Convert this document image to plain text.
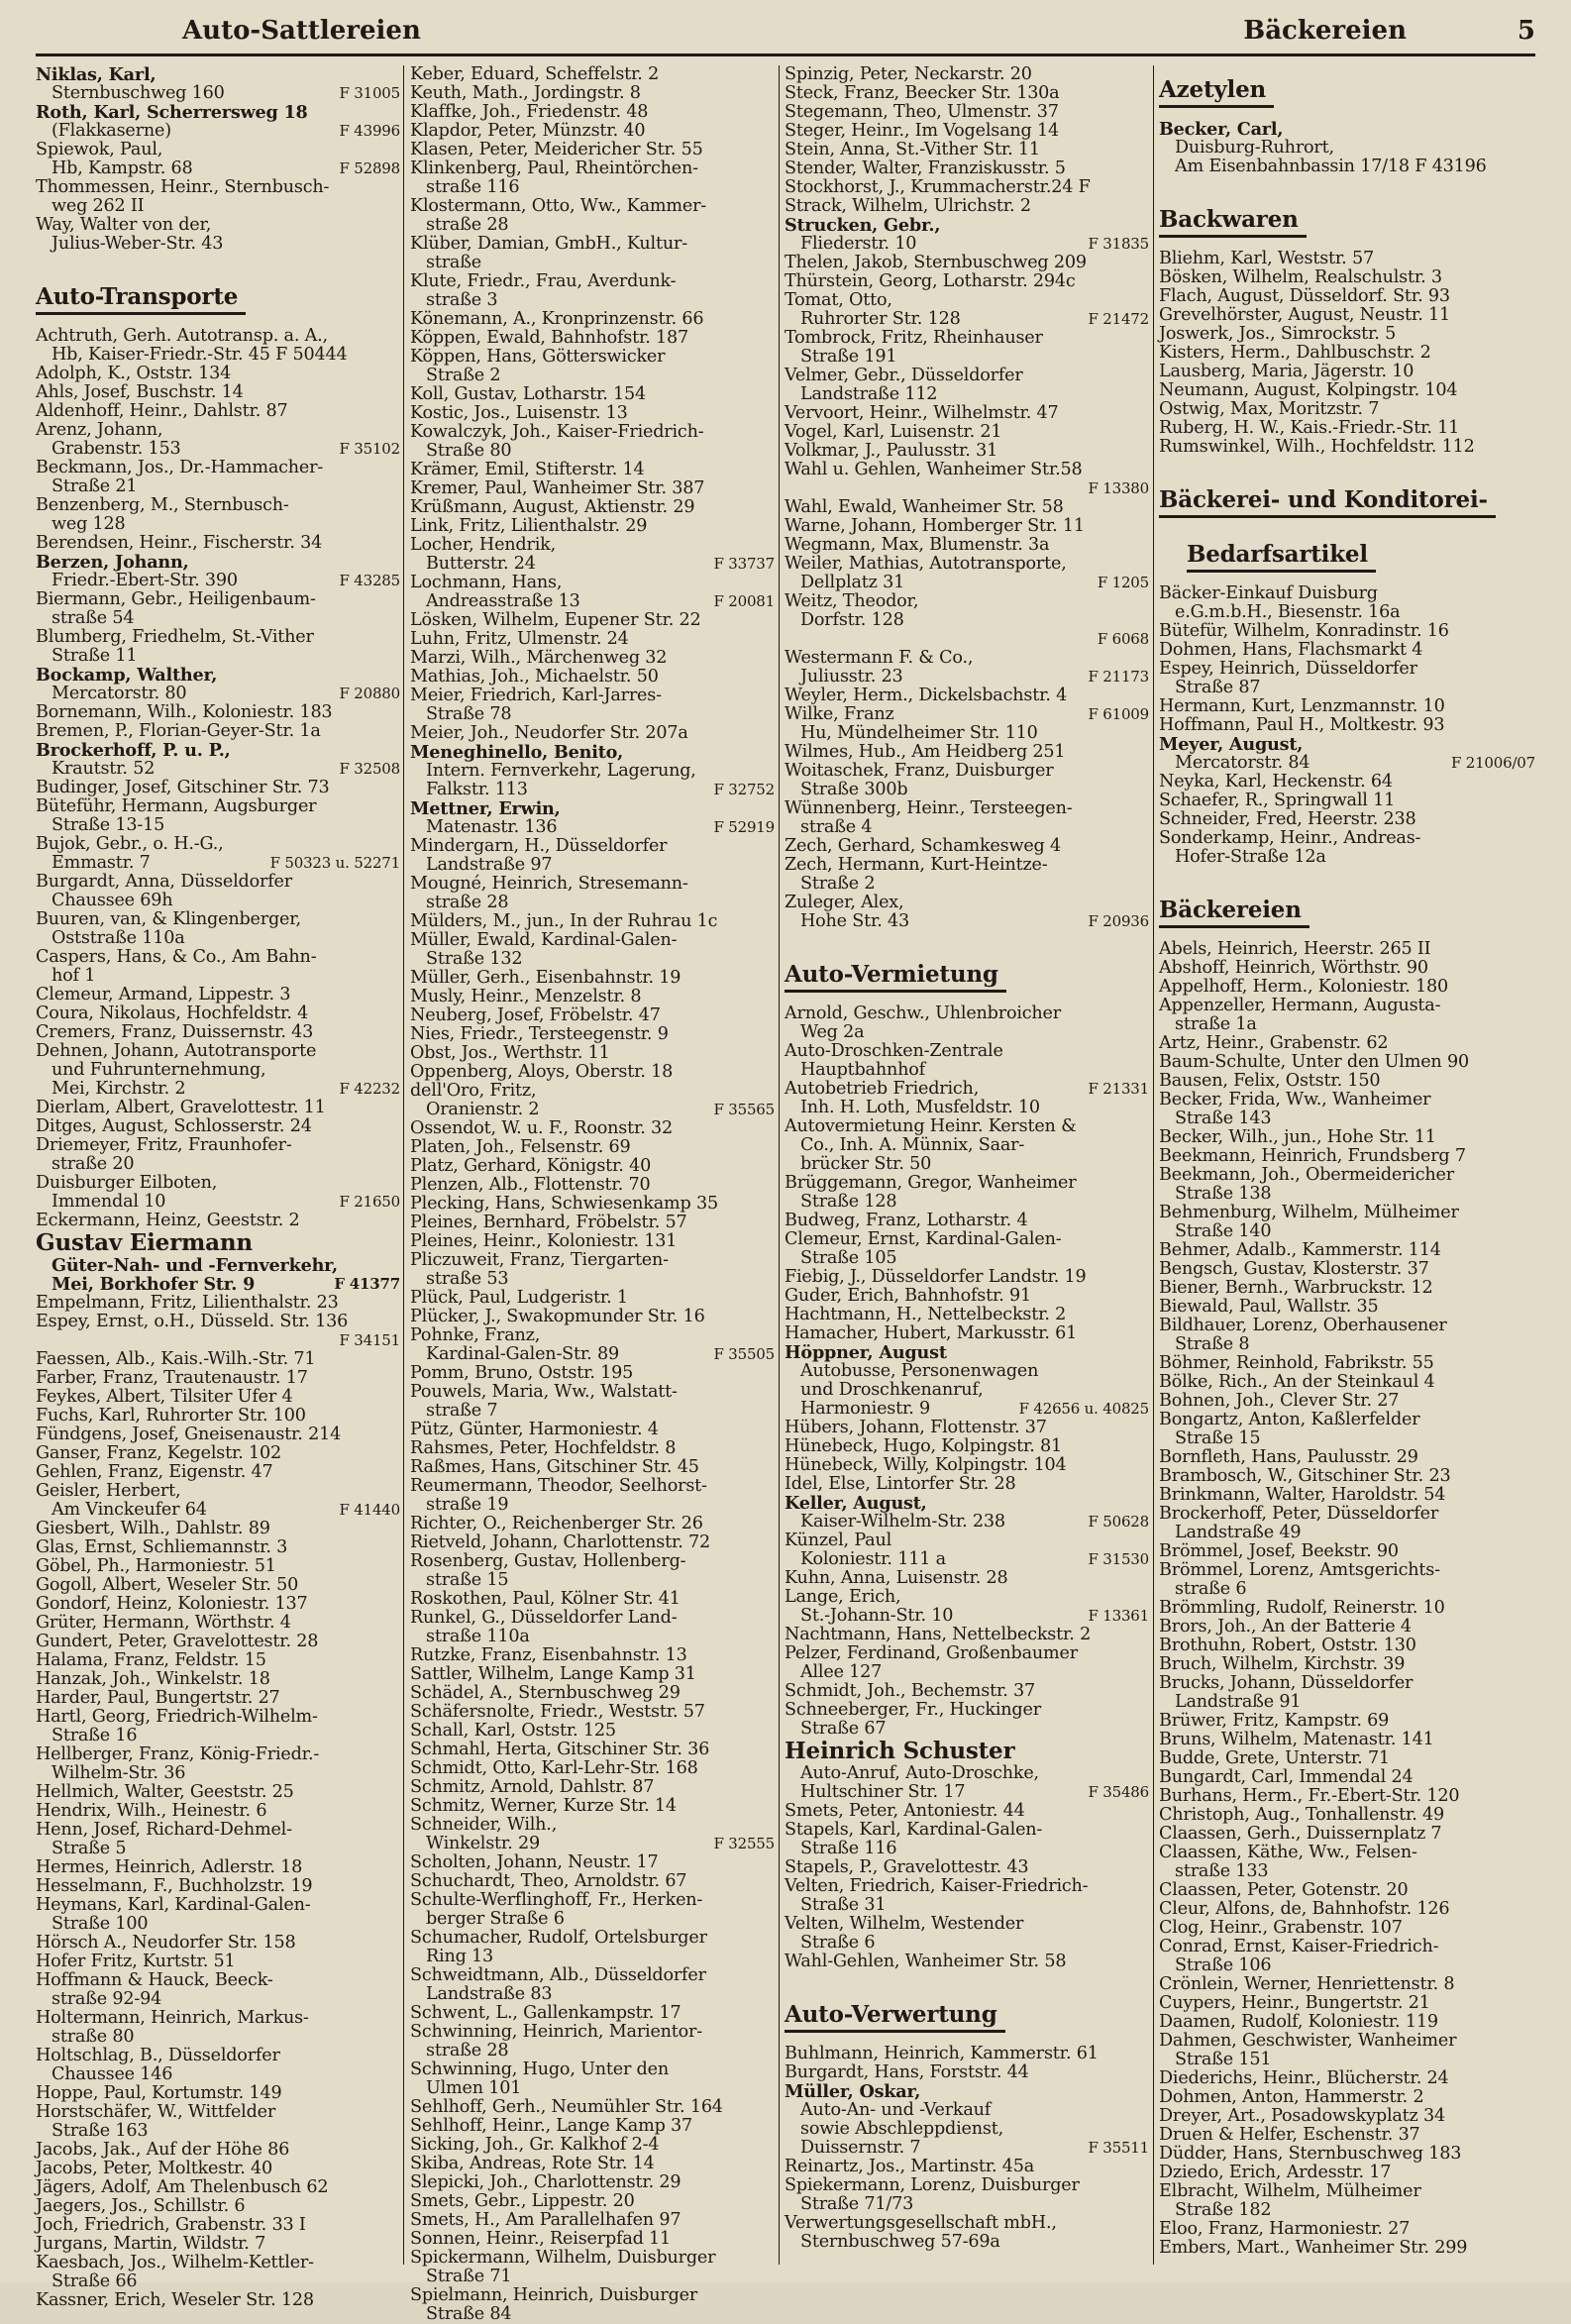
Auto-Sattlereien	Bäckereien	5
Niklas, Karl,
F 31005
Sternbuschweg 160
Roth, Karl, Scherrersweg 18
F 43996
(Flakkaserne)
Spiewok, Paul,
F 52898
Hb, Kampstr. 68
Thommessen, Heinr., Sternbusch-
weg 262 II
Way, Walter von der,
Julius-Weber-Str. 43
Auto-Transporte
Achtruth, Gerh. Autotransp. a. A.,
Hb, Kaiser-Friedr.-Str. 45 F 50444
Adolph, K., Oststr. 134
Ahls, Josef, Buschstr. 14
Aldenhoff, Heinr., Dahlstr. 87
Arenz, Johann,
F 35102
Grabenstr. 153
Beckmann, Jos., Dr.-Hammacher-
Straße 21
Benzenberg, M., Sternbusch-
weg 128
Berendsen, Heinr., Fischerstr. 34
Berzen, Johann,
F 43285
Friedr.-Ebert-Str. 390
Biermann, Gebr., Heiligenbaum-
straße 54
Blumberg, Friedhelm, St.-Vither
Straße 11
Bockamp, Walther,
F 20880
Mercatorstr. 80
Bornemann, Wilh., Koloniestr. 183
Bremen, P., Florian-Geyer-Str. 1a
Brockerhoff, P. u. P.,
F 32508
Krautstr. 52
Budinger, Josef, Gitschiner Str. 73
Büteführ, Hermann, Augsburger
Straße 13-15
Bujok, Gebr., o. H.-G.,
F 50323 u. 52271
Emmastr. 7
Burgardt, Anna, Düsseldorfer
Chaussee 69h
Buuren, van, & Klingenberger,
Oststraße 110a
Caspers, Hans, & Co., Am Bahn-
hof 1
Clemeur, Armand, Lippestr. 3
Coura, Nikolaus, Hochfeldstr. 4
Cremers, Franz, Duissernstr. 43
Dehnen, Johann, Autotransporte
und Fuhrunternehmung,
F 42232
Mei, Kirchstr. 2
Dierlam, Albert, Gravelottestr. 11
Ditges, August, Schlosserstr. 24
Driemeyer, Fritz, Fraunhofer-
straße 20
Duisburger Eilboten,
F 21650
Immendal 10
Eckermann, Heinz, Geeststr. 2
Gustav Eiermann
Güter-Nah- und -Fernverkehr,
F 41377
Mei, Borkhofer Str. 9
Empelmann, Fritz, Lilienthalstr. 23
Espey, Ernst, o.H., Düsseld. Str. 136
F 34151
Faessen, Alb., Kais.-Wilh.-Str. 71
Farber, Franz, Trautenaustr. 17
Feykes, Albert, Tilsiter Ufer 4
Fuchs, Karl, Ruhrorter Str. 100
Fündgens, Josef, Gneisenaustr. 214
Ganser, Franz, Kegelstr. 102
Gehlen, Franz, Eigenstr. 47
Geisler, Herbert,
F 41440
Am Vinckeufer 64
Giesbert, Wilh., Dahlstr. 89
Glas, Ernst, Schliemannstr. 3
Göbel, Ph., Harmoniestr. 51
Gogoll, Albert, Weseler Str. 50
Gondorf, Heinz, Koloniestr. 137
Grüter, Hermann, Wörthstr. 4
Gundert, Peter, Gravelottestr. 28
Halama, Franz, Feldstr. 15
Hanzak, Joh., Winkelstr. 18
Harder, Paul, Bungertstr. 27
Hartl, Georg, Friedrich-Wilhelm-
Straße 16
Hellberger, Franz, König-Friedr.-
Wilhelm-Str. 36
Hellmich, Walter, Geeststr. 25
Hendrix, Wilh., Heinestr. 6
Henn, Josef, Richard-Dehmel-
Straße 5
Hermes, Heinrich, Adlerstr. 18
Hesselmann, F., Buchholzstr. 19
Heymans, Karl, Kardinal-Galen-
Straße 100
Hörsch A., Neudorfer Str. 158
Hofer Fritz, Kurtstr. 51
Hoffmann & Hauck, Beeck-
straße 92-94
Holtermann, Heinrich, Markus-
straße 80
Holtschlag, B., Düsseldorfer
Chaussee 146
Hoppe, Paul, Kortumstr. 149
Horstschäfer, W., Wittfelder
Straße 163
Jacobs, Jak., Auf der Höhe 86
Jacobs, Peter, Moltkestr. 40
Jägers, Adolf, Am Thelenbusch 62
Jaegers, Jos., Schillstr. 6
Joch, Friedrich, Grabenstr. 33 I
Jurgans, Martin, Wildstr. 7
Kaesbach, Jos., Wilhelm-Kettler-
Straße 66
Kassner, Erich, Weseler Str. 128
Keber, Eduard, Scheffelstr. 2
Keuth, Math., Jordingstr. 8
Klaffke, Joh., Friedenstr. 48
Klapdor, Peter, Münzstr. 40
Klasen, Peter, Meidericher Str. 55
Klinkenberg, Paul, Rheintörchen-
straße 116
Klostermann, Otto, Ww., Kammer-
straße 28
Klüber, Damian, GmbH., Kultur-
straße
Klute, Friedr., Frau, Averdunk-
straße 3
Könemann, A., Kronprinzenstr. 66
Köppen, Ewald, Bahnhofstr. 187
Köppen, Hans, Götterswicker
Straße 2
Koll, Gustav, Lotharstr. 154
Kostic, Jos., Luisenstr. 13
Kowalczyk, Joh., Kaiser-Friedrich-
Straße 80
Krämer, Emil, Stifterstr. 14
Kremer, Paul, Wanheimer Str. 387
Krüßmann, August, Aktienstr. 29
Link, Fritz, Lilienthalstr. 29
Locher, Hendrik,
F 33737
Butterstr. 24
Lochmann, Hans,
F 20081
Andreasstraße 13
Lösken, Wilhelm, Eupener Str. 22
Luhn, Fritz, Ulmenstr. 24
Marzi, Wilh., Märchenweg 32
Mathias, Joh., Michaelstr. 50
Meier, Friedrich, Karl-Jarres-
Straße 78
Meier, Joh., Neudorfer Str. 207a
Meneghinello, Benito,
Intern. Fernverkehr, Lagerung,
F 32752
Falkstr. 113
Mettner, Erwin,
F 52919
Matenastr. 136
Mindergarn, H., Düsseldorfer
Landstraße 97
Mougné, Heinrich, Stresemann-
straße 28
Mülders, M., jun., In der Ruhrau 1c
Müller, Ewald, Kardinal-Galen-
Straße 132
Müller, Gerh., Eisenbahnstr. 19
Musly, Heinr., Menzelstr. 8
Neuberg, Josef, Fröbelstr. 47
Nies, Friedr., Tersteegenstr. 9
Obst, Jos., Werthstr. 11
Oppenberg, Aloys, Oberstr. 18
dell'Oro, Fritz,
F 35565
Oranienstr. 2
Ossendot, W. u. F., Roonstr. 32
Platen, Joh., Felsenstr. 69
Platz, Gerhard, Königstr. 40
Plenzen, Alb., Flottenstr. 70
Plecking, Hans, Schwiesenkamp 35
Pleines, Bernhard, Fröbelstr. 57
Pleines, Heinr., Koloniestr. 131
Pliczuweit, Franz, Tiergarten-
straße 53
Plück, Paul, Ludgeristr. 1
Plücker, J., Swakopmunder Str. 16
Pohnke, Franz,
F 35505
Kardinal-Galen-Str. 89
Pomm, Bruno, Oststr. 195
Pouwels, Maria, Ww., Walstatt-
straße 7
Pütz, Günter, Harmoniestr. 4
Rahsmes, Peter, Hochfeldstr. 8
Raßmes, Hans, Gitschiner Str. 45
Reumermann, Theodor, Seelhorst-
straße 19
Richter, O., Reichenberger Str. 26
Rietveld, Johann, Charlottenstr. 72
Rosenberg, Gustav, Hollenberg-
straße 15
Roskothen, Paul, Kölner Str. 41
Runkel, G., Düsseldorfer Land-
straße 110a
Rutzke, Franz, Eisenbahnstr. 13
Sattler, Wilhelm, Lange Kamp 31
Schädel, A., Sternbuschweg 29
Schäfersnolte, Friedr., Weststr. 57
Schall, Karl, Oststr. 125
Schmahl, Herta, Gitschiner Str. 36
Schmidt, Otto, Karl-Lehr-Str. 168
Schmitz, Arnold, Dahlstr. 87
Schmitz, Werner, Kurze Str. 14
Schneider, Wilh.,
F 32555
Winkelstr. 29
Scholten, Johann, Neustr. 17
Schuchardt, Theo, Arnoldstr. 67
Schulte-Werflinghoff, Fr., Herken-
berger Straße 6
Schumacher, Rudolf, Ortelsburger
Ring 13
Schweidtmann, Alb., Düsseldorfer
Landstraße 83
Schwent, L., Gallenkampstr. 17
Schwinning, Heinrich, Marientor-
straße 28
Schwinning, Hugo, Unter den
Ulmen 101
Sehlhoff, Gerh., Neumühler Str. 164
Sehlhoff, Heinr., Lange Kamp 37
Sicking, Joh., Gr. Kalkhof 2-4
Skiba, Andreas, Rote Str. 14
Slepicki, Joh., Charlottenstr. 29
Smets, Gebr., Lippestr. 20
Smets, H., Am Parallelhafen 97
Sonnen, Heinr., Reiserpfad 11
Spickermann, Wilhelm, Duisburger
Straße 71
Spielmann, Heinrich, Duisburger
Straße 84
Spinzig, Peter, Neckarstr. 20
Steck, Franz, Beecker Str. 130a
Stegemann, Theo, Ulmenstr. 37
Steger, Heinr., Im Vogelsang 14
Stein, Anna, St.-Vither Str. 11
Stender, Walter, Franziskusstr. 5
Stockhorst, J., Krummacherstr.24 F
Strack, Wilhelm, Ulrichstr. 2
Strucken, Gebr.,
F 31835
Fliederstr. 10
Thelen, Jakob, Sternbuschweg 209
Thürstein, Georg, Lotharstr. 294c
Tomat, Otto,
F 21472
Ruhrorter Str. 128
Tombrock, Fritz, Rheinhauser
Straße 191
Velmer, Gebr., Düsseldorfer
Landstraße 112
Vervoort, Heinr., Wilhelmstr. 47
Vogel, Karl, Luisenstr. 21
Volkmar, J., Paulusstr. 31
Wahl u. Gehlen, Wanheimer Str.58
F 13380
Wahl, Ewald, Wanheimer Str. 58
Warne, Johann, Homberger Str. 11
Wegmann, Max, Blumenstr. 3a
Weiler, Mathias, Autotransporte,
F 1205
Dellplatz 31
Weitz, Theodor,
Dorfstr. 128
F 6068
Westermann F. & Co.,
F 21173
Juliusstr. 23
Weyler, Herm., Dickelsbachstr. 4
F 61009
Wilke, Franz
Hu, Mündelheimer Str. 110
Wilmes, Hub., Am Heidberg 251
Woitaschek, Franz, Duisburger
Straße 300b
Wünnenberg, Heinr., Tersteegen-
straße 4
Zech, Gerhard, Schamkesweg 4
Zech, Hermann, Kurt-Heintze-
Straße 2
Zuleger, Alex,
F 20936
Hohe Str. 43
Auto-Vermietung
Arnold, Geschw., Uhlenbroicher
Weg 2a
Auto-Droschken-Zentrale
Hauptbahnhof
F 21331
Autobetrieb Friedrich,
Inh. H. Loth, Musfeldstr. 10
Autovermietung Heinr. Kersten &
Co., Inh. A. Münnix, Saar-
brücker Str. 50
Brüggemann, Gregor, Wanheimer
Straße 128
Budweg, Franz, Lotharstr. 4
Clemeur, Ernst, Kardinal-Galen-
Straße 105
Fiebig, J., Düsseldorfer Landstr. 19
Guder, Erich, Bahnhofstr. 91
Hachtmann, H., Nettelbeckstr. 2
Hamacher, Hubert, Markusstr. 61
Höppner, August
Autobusse, Personenwagen
und Droschkenanruf,
F 42656 u. 40825
Harmoniestr. 9
Hübers, Johann, Flottenstr. 37
Hünebeck, Hugo, Kolpingstr. 81
Hünebeck, Willy, Kolpingstr. 104
Idel, Else, Lintorfer Str. 28
Keller, August,
F 50628
Kaiser-Wilhelm-Str. 238
Künzel, Paul
F 31530
Koloniestr. 111 a
Kuhn, Anna, Luisenstr. 28
Lange, Erich,
F 13361
St.-Johann-Str. 10
Nachtmann, Hans, Nettelbeckstr. 2
Pelzer, Ferdinand, Großenbaumer
Allee 127
Schmidt, Joh., Bechemstr. 37
Schneeberger, Fr., Huckinger
Straße 67
Heinrich Schuster
Auto-Anruf, Auto-Droschke,
F 35486
Hultschiner Str. 17
Smets, Peter, Antoniestr. 44
Stapels, Karl, Kardinal-Galen-
Straße 116
Stapels, P., Gravelottestr. 43
Velten, Friedrich, Kaiser-Friedrich-
Straße 31
Velten, Wilhelm, Westender
Straße 6
Wahl-Gehlen, Wanheimer Str. 58
Auto-Verwertung
Buhlmann, Heinrich, Kammerstr. 61
Burgardt, Hans, Forststr. 44
Müller, Oskar,
Auto-An- und -Verkauf
sowie Abschleppdienst,
F 35511
Duissernstr. 7
Reinartz, Jos., Martinstr. 45a
Spiekermann, Lorenz, Duisburger
Straße 71/73
Verwertungsgesellschaft mbH.,
Sternbuschweg 57-69a
Azetylen
Becker, Carl,
Duisburg-Ruhrort,
Am Eisenbahnbassin 17/18 F 43196
Backwaren
Bliehm, Karl, Weststr. 57
Bösken, Wilhelm, Realschulstr. 3
Flach, August, Düsseldorf. Str. 93
Grevelhörster, August, Neustr. 11
Joswerk, Jos., Simrockstr. 5
Kisters, Herm., Dahlbuschstr. 2
Lausberg, Maria, Jägerstr. 10
Neumann, August, Kolpingstr. 104
Ostwig, Max, Moritzstr. 7
Ruberg, H. W., Kais.-Friedr.-Str. 11
Rumswinkel, Wilh., Hochfeldstr. 112
Bäckerei- und Konditorei-
Bedarfsartikel
Bäcker-Einkauf Duisburg
e.G.m.b.H., Biesenstr. 16a
Bütefür, Wilhelm, Konradinstr. 16
Dohmen, Hans, Flachsmarkt 4
Espey, Heinrich, Düsseldorfer
Straße 87
Hermann, Kurt, Lenzmannstr. 10
Hoffmann, Paul H., Moltkestr. 93
Meyer, August,
F 21006/07
Mercatorstr. 84
Neyka, Karl, Heckenstr. 64
Schaefer, R., Springwall 11
Schneider, Fred, Heerstr. 238
Sonderkamp, Heinr., Andreas-
Hofer-Straße 12a
Bäckereien
Abels, Heinrich, Heerstr. 265 II
Abshoff, Heinrich, Wörthstr. 90
Appelhoff, Herm., Koloniestr. 180
Appenzeller, Hermann, Augusta-
straße 1a
Artz, Heinr., Grabenstr. 62
Baum-Schulte, Unter den Ulmen 90
Bausen, Felix, Oststr. 150
Becker, Frida, Ww., Wanheimer
Straße 143
Becker, Wilh., jun., Hohe Str. 11
Beekmann, Heinrich, Frundsberg 7
Beekmann, Joh., Obermeidericher
Straße 138
Behmenburg, Wilhelm, Mülheimer
Straße 140
Behmer, Adalb., Kammerstr. 114
Bengsch, Gustav, Klosterstr. 37
Biener, Bernh., Warbruckstr. 12
Biewald, Paul, Wallstr. 35
Bildhauer, Lorenz, Oberhausener
Straße 8
Böhmer, Reinhold, Fabrikstr. 55
Bölke, Rich., An der Steinkaul 4
Bohnen, Joh., Clever Str. 27
Bongartz, Anton, Kaßlerfelder
Straße 15
Bornfleth, Hans, Paulusstr. 29
Brambosch, W., Gitschiner Str. 23
Brinkmann, Walter, Haroldstr. 54
Brockerhoff, Peter, Düsseldorfer
Landstraße 49
Brömmel, Josef, Beekstr. 90
Brömmel, Lorenz, Amtsgerichts-
straße 6
Brömmling, Rudolf, Reinerstr. 10
Brors, Joh., An der Batterie 4
Brothuhn, Robert, Oststr. 130
Bruch, Wilhelm, Kirchstr. 39
Brucks, Johann, Düsseldorfer
Landstraße 91
Brüwer, Fritz, Kampstr. 69
Bruns, Wilhelm, Matenastr. 141
Budde, Grete, Unterstr. 71
Bungardt, Carl, Immendal 24
Burhans, Herm., Fr.-Ebert-Str. 120
Christoph, Aug., Tonhallenstr. 49
Claassen, Gerh., Duissernplatz 7
Claassen, Käthe, Ww., Felsen-
straße 133
Claassen, Peter, Gotenstr. 20
Cleur, Alfons, de, Bahnhofstr. 126
Clog, Heinr., Grabenstr. 107
Conrad, Ernst, Kaiser-Friedrich-
Straße 106
Crönlein, Werner, Henriettenstr. 8
Cuypers, Heinr., Bungertstr. 21
Daamen, Rudolf, Koloniestr. 119
Dahmen, Geschwister, Wanheimer
Straße 151
Diederichs, Heinr., Blücherstr. 24
Dohmen, Anton, Hammerstr. 2
Dreyer, Art., Posadowskyplatz 34
Druen & Helfer, Eschenstr. 37
Düdder, Hans, Sternbuschweg 183
Dziedo, Erich, Ardesstr. 17
Elbracht, Wilhelm, Mülheimer
Straße 182
Eloo, Franz, Harmoniestr. 27
Embers, Mart., Wanheimer Str. 299
